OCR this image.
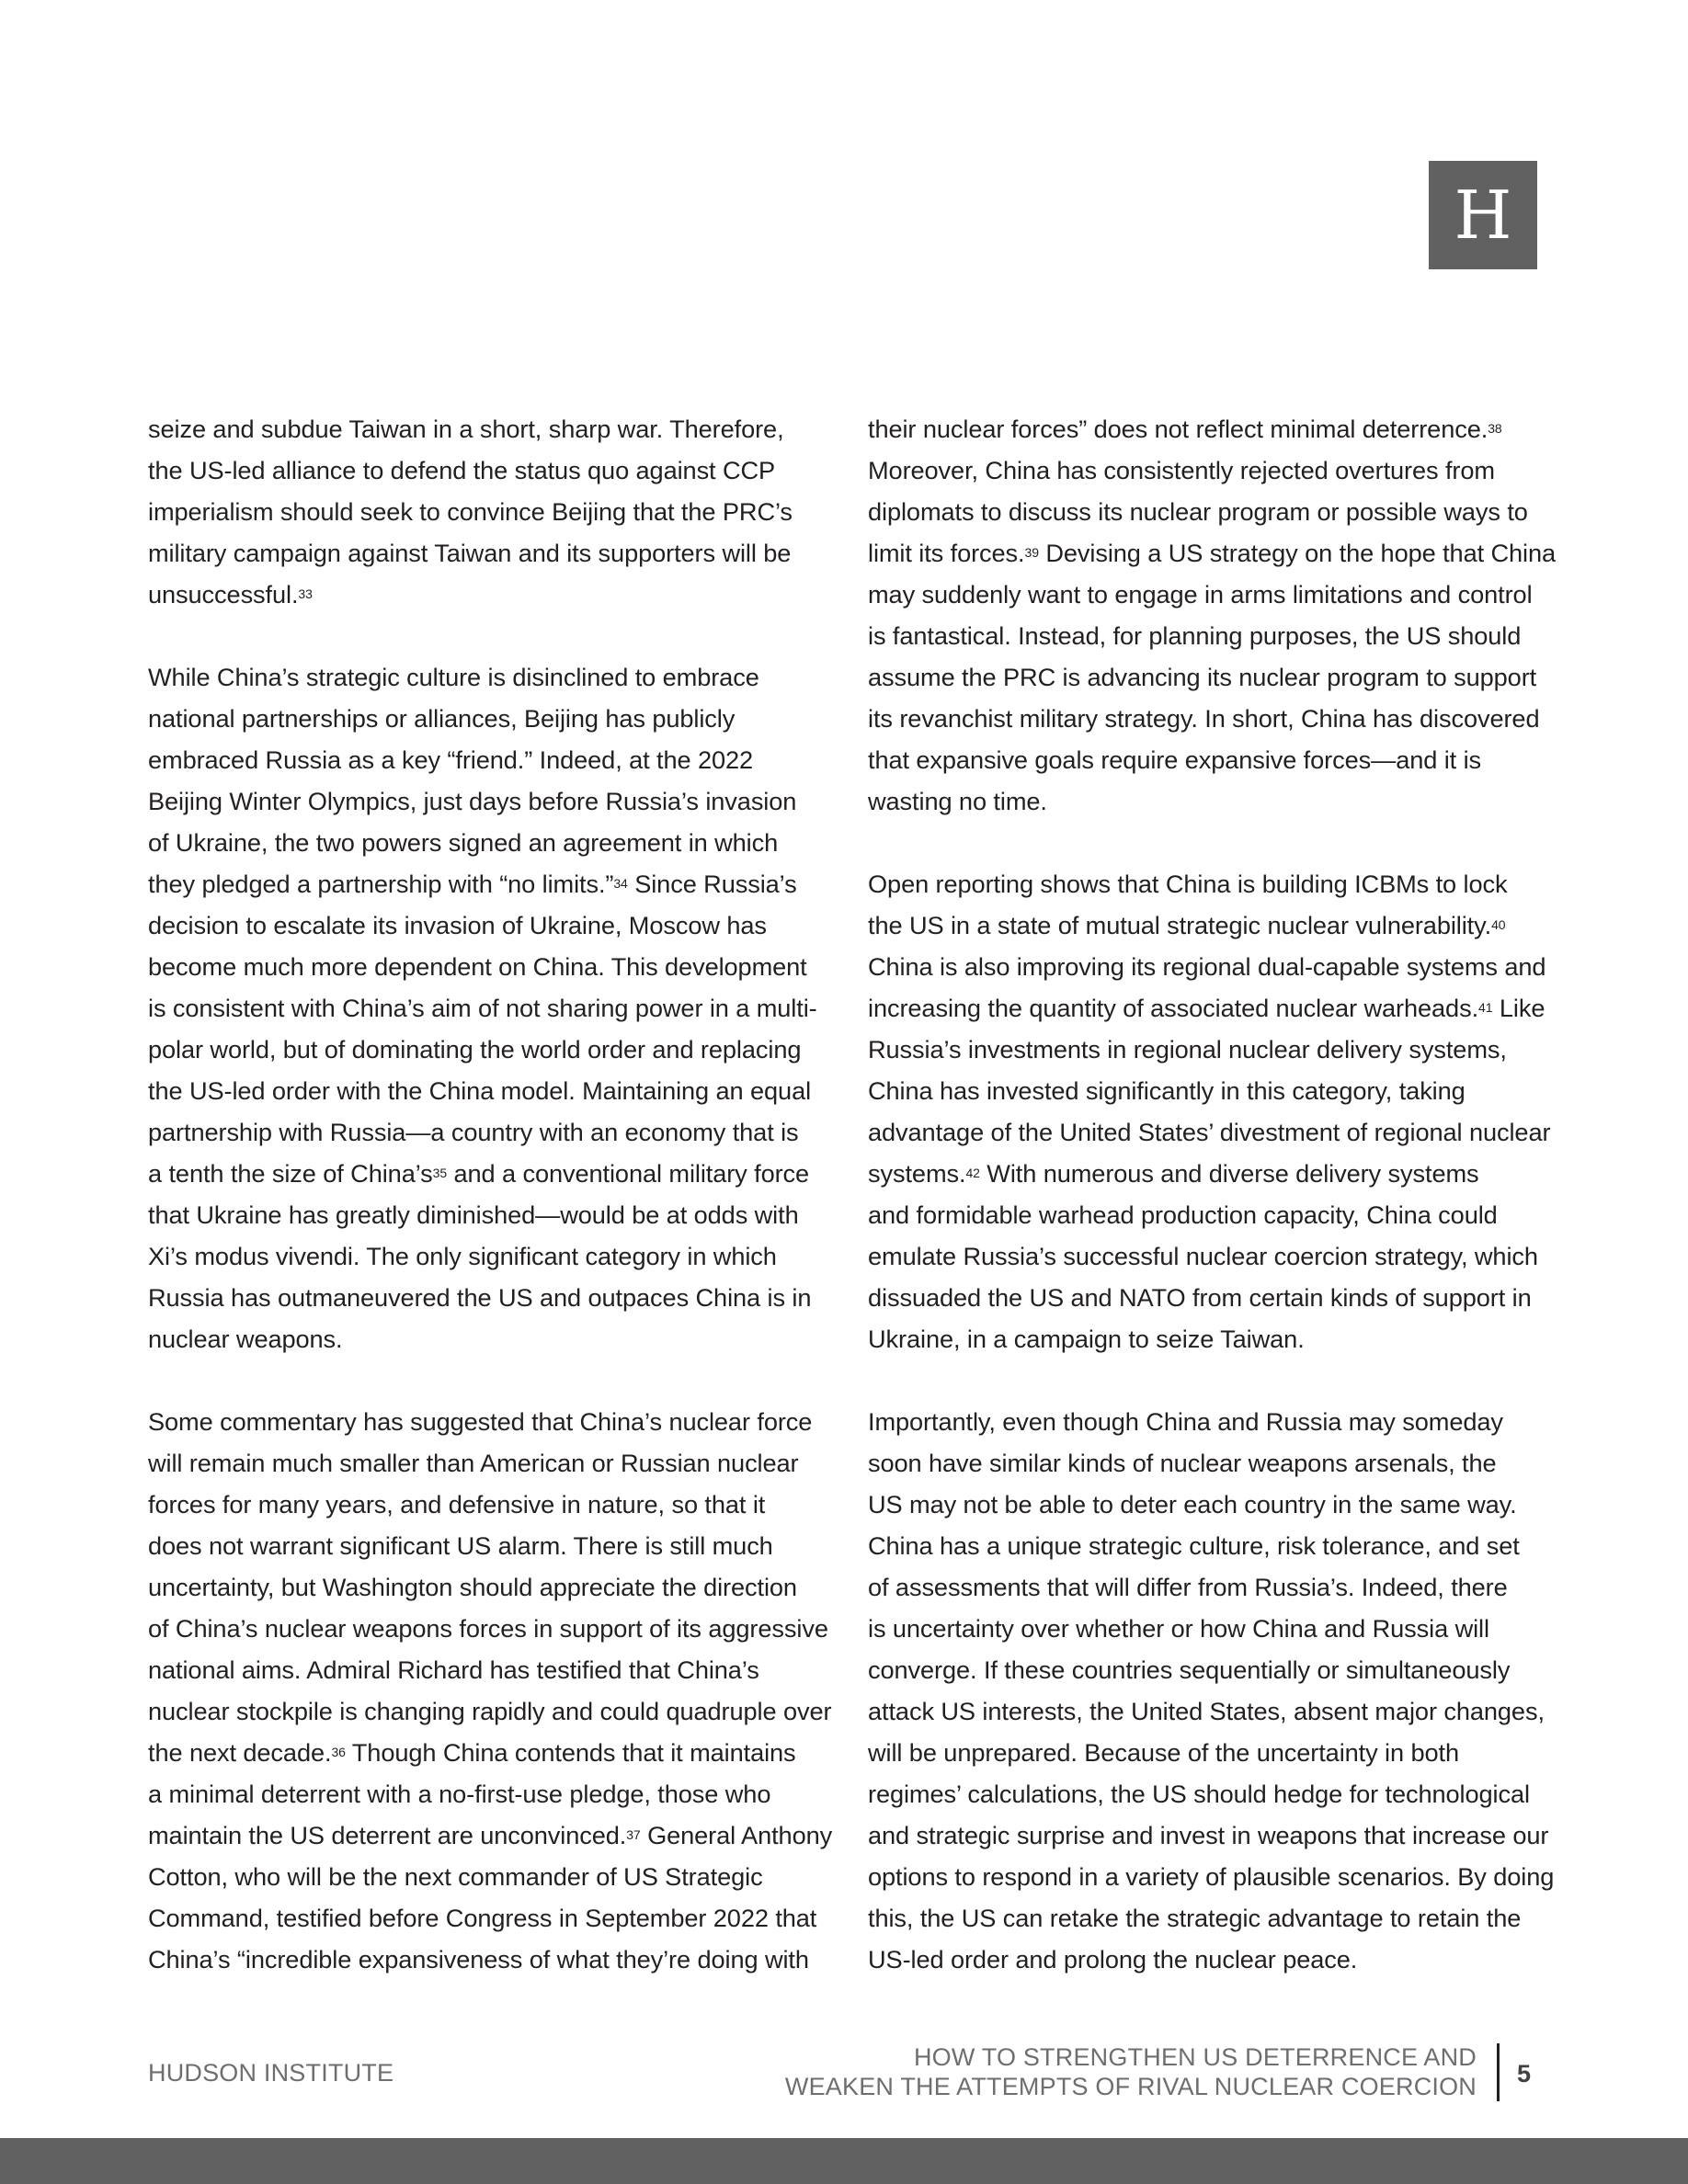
H
seize and subdue Taiwan in a short, sharp war. Therefore,
the US-led alliance to defend the status quo against CCP
imperialism should seek to convince Beijing that the PRC’s
military campaign against Taiwan and its supporters will be
unsuccessful.$^{33}$
While China’s strategic culture is disinclined to embrace
national partnerships or alliances, Beijing has publicly
embraced Russia as a key “friend.” Indeed, at the 2022
Beijing Winter Olympics, just days before Russia’s invasion
of Ukraine, the two powers signed an agreement in which
they pledged a partnership with “no limits.”$^{34}$ Since Russia’s
decision to escalate its invasion of Ukraine, Moscow has
become much more dependent on China. This development
is consistent with China’s aim of not sharing power in a multi-
polar world, but of dominating the world order and replacing
the US-led order with the China model. Maintaining an equal
partnership with Russia—a country with an economy that is
a tenth the size of $China’s^{35}$ and a conventional military force
that Ukraine has greatly diminished—would be at odds with
Xi’s modus vivendi. The only significant category in which
Russia has outmaneuvered the US and outpaces China is in
nuclear weapons.
Some commentary has suggested that China’s nuclear force
will remain much smaller than American or Russian nuclear
forces for many years, and defensive in nature, so that it
does not warrant significant US alarm. There is still much
uncertainty, but Washington should appreciate the direction
of China’s nuclear weapons forces in support of its aggressive
national aims. Admiral Richard has testified that China’s
nuclear stockpile is changing rapidly and could quadruple over
the next decade.$^{36}$ Though China contends that it maintains
a minimal deterrent with a no-first-use pledge, those who
maintain the US deterrent are unconvinced.$^{37}$ General Anthony
Cotton, who will be the next commander of US Strategic
Command, testified before Congress in September 2022 that
China’s “incredible expansiveness of what they’re doing with
their nuclear forces” does not reflect minimal deterrence.$^{38}$
Moreover, China has consistently rejected overtures from
diplomats to discuss its nuclear program or possible ways to
limit its forces.$^{39}$ Devising a US strategy on the hope that China
may suddenly want to engage in arms limitations and control
is fantastical. Instead, for planning purposes, the US should
assume the PRC is advancing its nuclear program to support
its revanchist military strategy. In short, China has discovered
that expansive goals require expansive forces—and it is
wasting no time.
Open reporting shows that China is building ICBMs to lock
the US in a state of mutual strategic nuclear vulnerability.$^{40}$
China is also improving its regional dual-capable systems and
increasing the quantity of associated nuclear warheads.$^{41}$ Like
Russia’s investments in regional nuclear delivery systems,
China has invested significantly in this category, taking
advantage of the United States’ divestment of regional nuclear
systems.$^{42}$ With numerous and diverse delivery systems
and formidable warhead production capacity, China could
emulate Russia’s successful nuclear coercion strategy, which
dissuaded the US and NATO from certain kinds of support in
Ukraine, in a campaign to seize Taiwan.
Importantly, even though China and Russia may someday
soon have similar kinds of nuclear weapons arsenals, the
US may not be able to deter each country in the same way.
China has a unique strategic culture, risk tolerance, and set
of assessments that will differ from Russia’s. Indeed, there
is uncertainty over whether or how China and Russia will
converge. If these countries sequentially or simultaneously
attack US interests, the United States, absent major changes,
will be unprepared. Because of the uncertainty in both
regimes’ calculations, the US should hedge for technological
and strategic surprise and invest in weapons that increase our
options to respond in a variety of plausible scenarios. By doing
this, the US can retake the strategic advantage to retain the
US-led order and prolong the nuclear peace.
HUDSON INSTITUTE
HOW TO STRENGTHEN US DETERRENCE AND
WEAKEN THE ATTEMPTS OF RIVAL NUCLEAR COERCION 5
